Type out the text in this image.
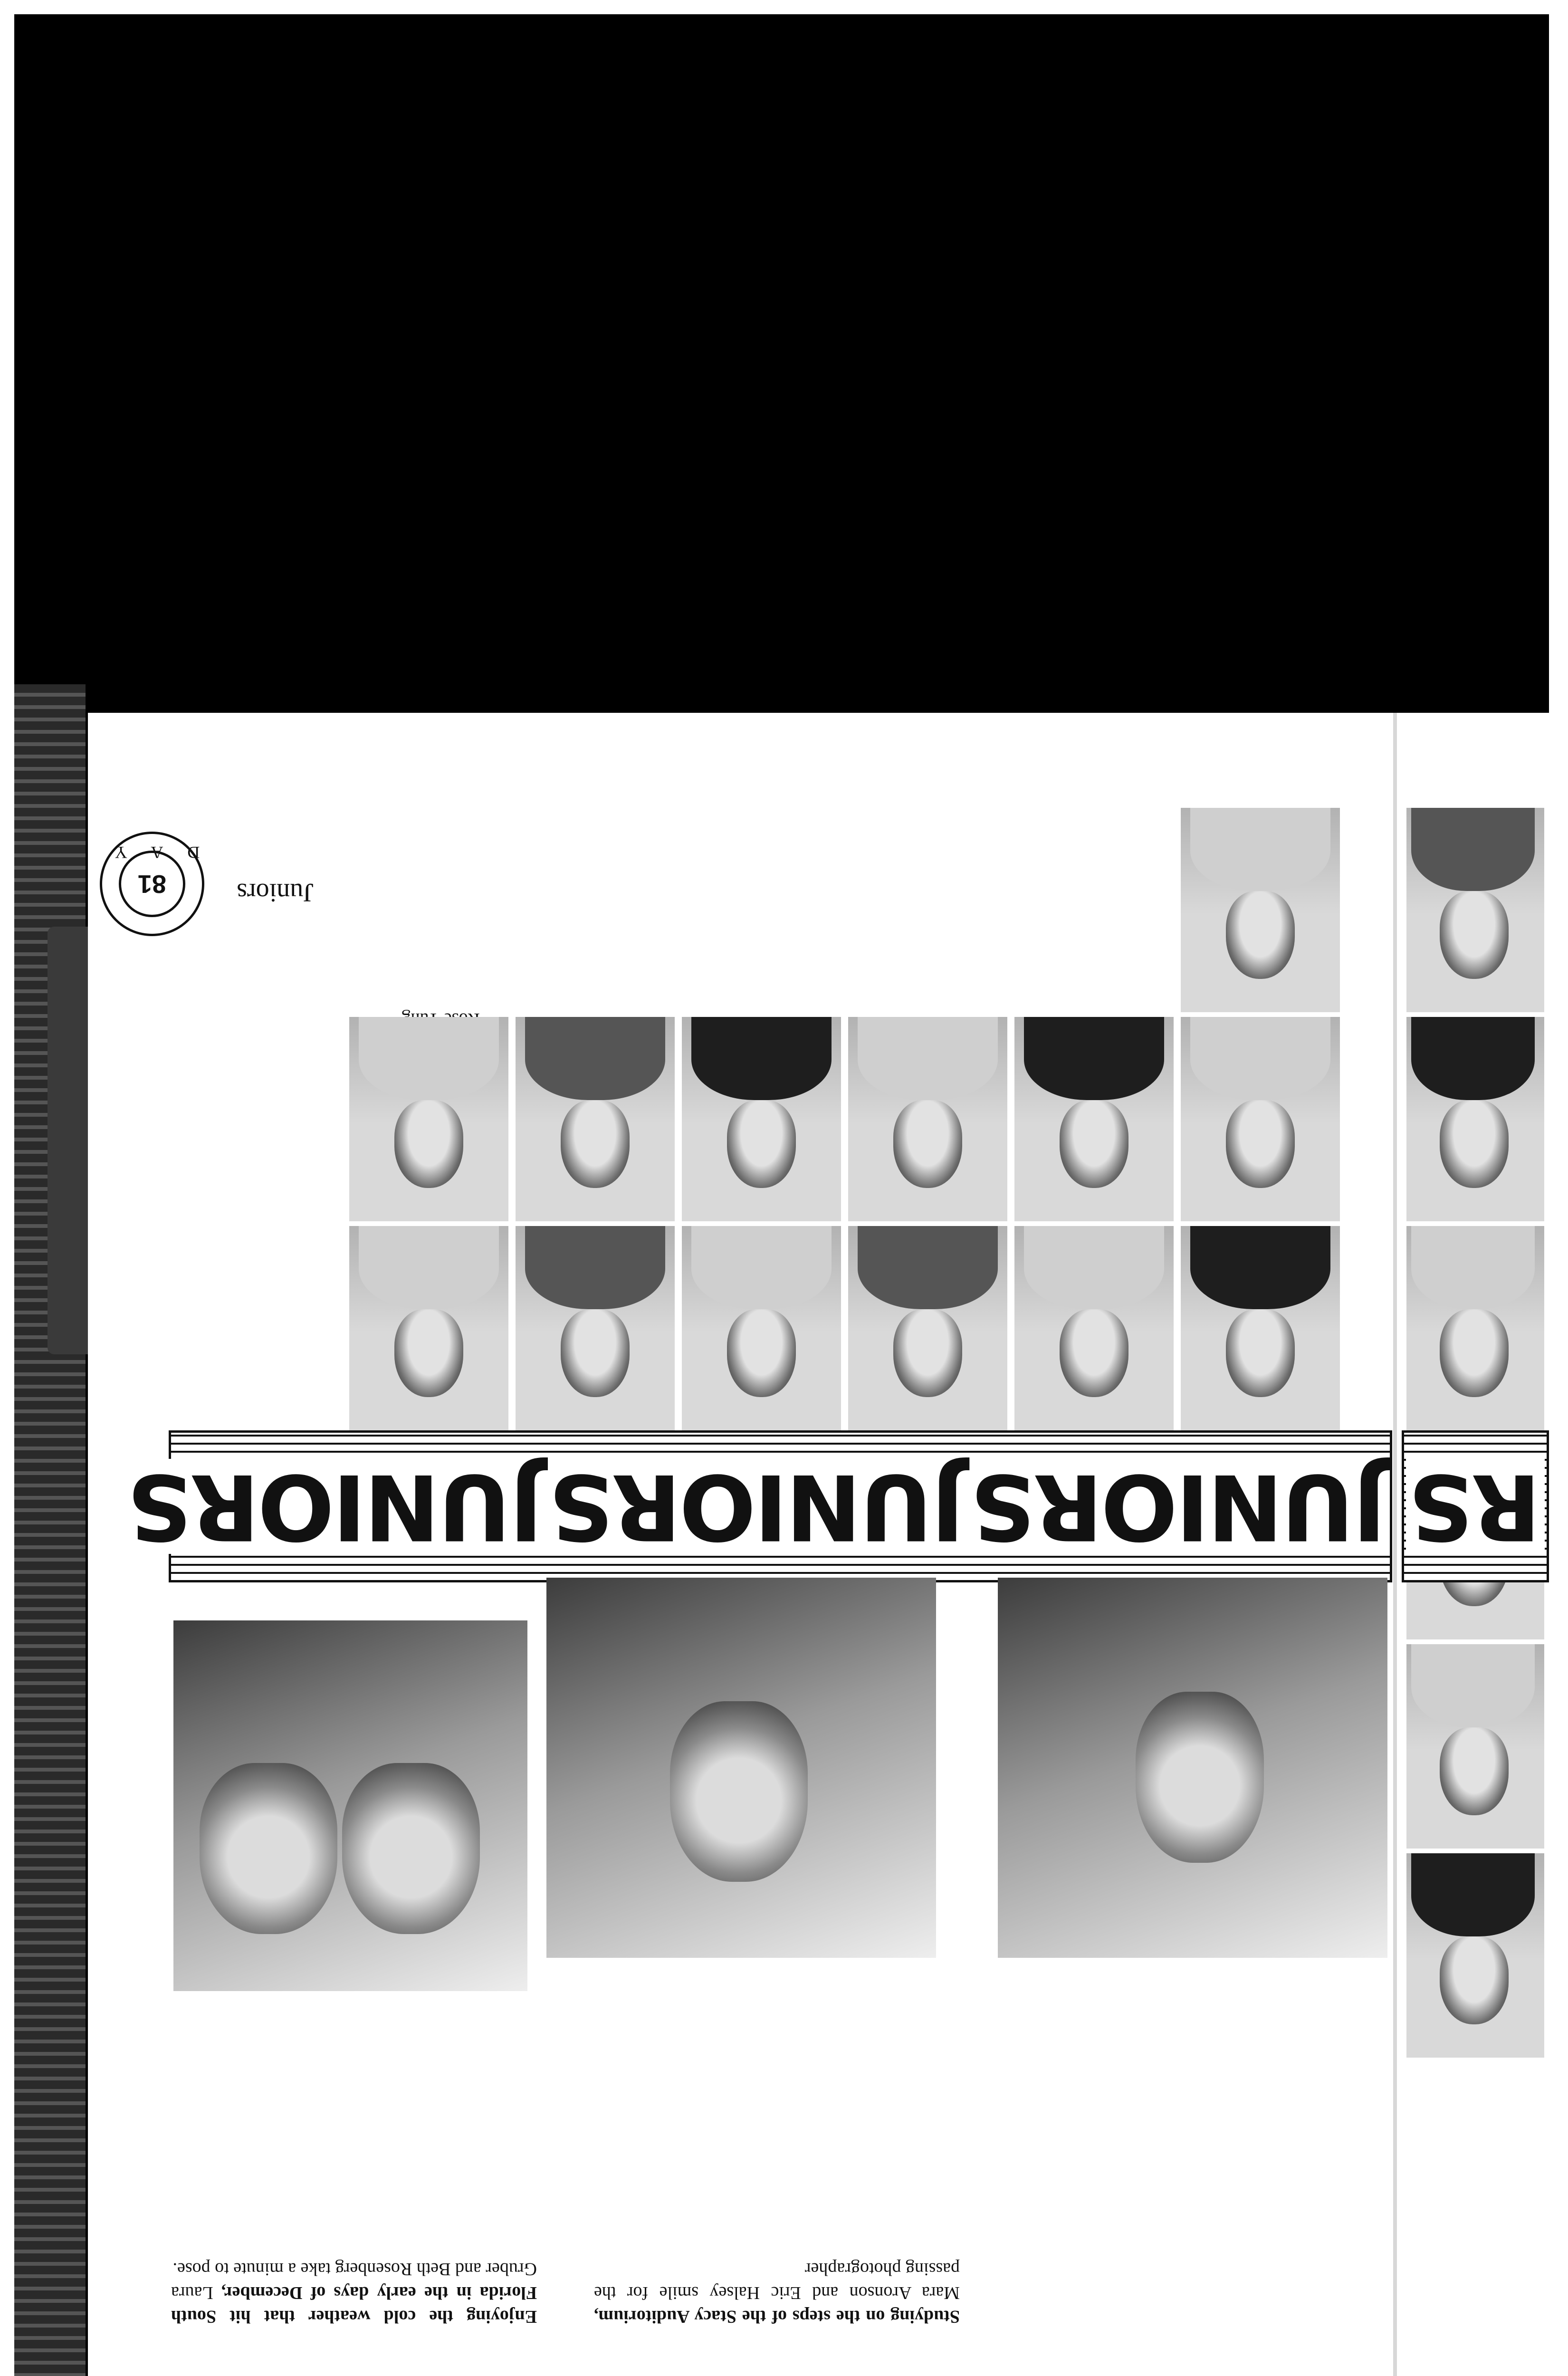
Juniors
81
D A Y
JUNIORS
JUNIORS
JUNIORS	RS
Enjoying the cold weather that hit South Florida in the early days of December, Laura Gruber and Beth Rosenberg take a minute to pose.
Studying on the steps of the Stacy Auditorium, Mara Aronson and Eric Halsey smile for the passing photographer
